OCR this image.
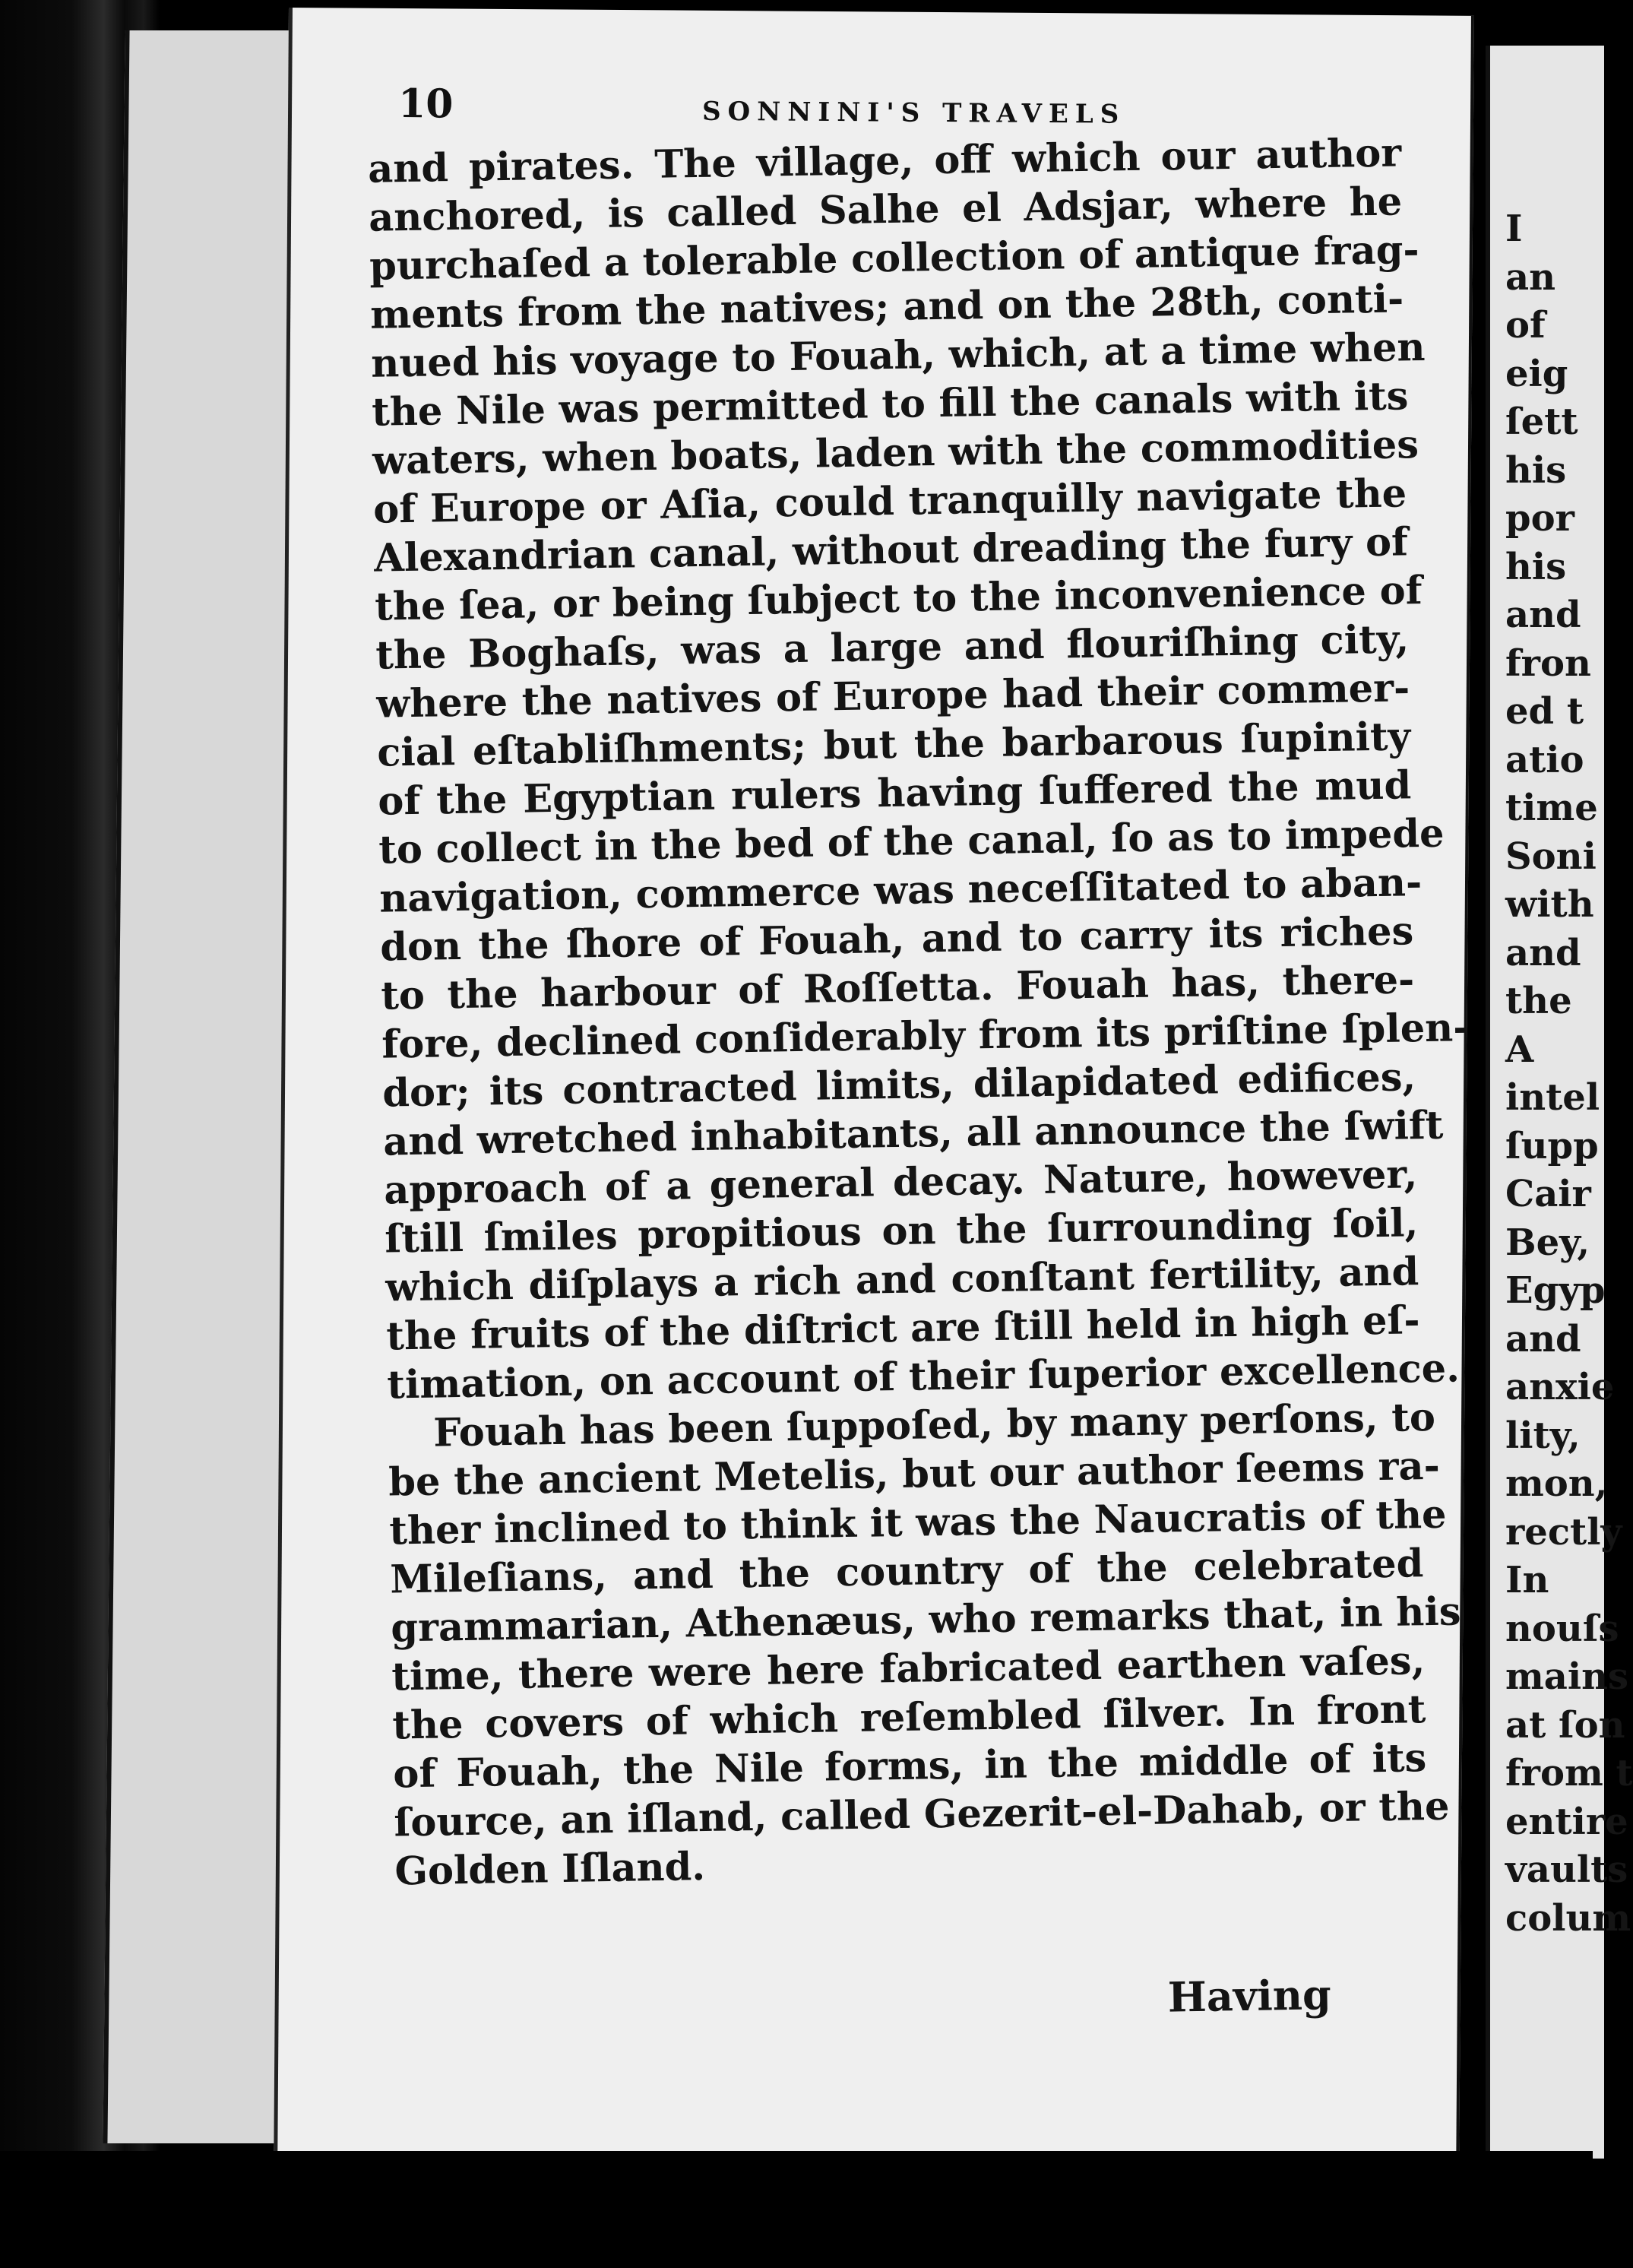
10	SONNINI'S TRAVELS
and pirates. The village, off which our author
anchored, is called Salhe el Adsjar, where he
purchaſed a tolerable collection of antique frag-
ments from the natives; and on the 28th, conti-
nued his voyage to Fouah, which, at a time when
the Nile was permitted to fill the canals with its
waters, when boats, laden with the commodities
of Europe or Aſia, could tranquilly navigate the
Alexandrian canal, without dreading the fury of
the ſea, or being ſubject to the inconvenience of
the Boghaſs, was a large and flouriſhing city,
where the natives of Europe had their commer-
cial eſtabliſhments; but the barbarous ſupinity
of the Egyptian rulers having ſuffered the mud
to collect in the bed of the canal, ſo as to impede
navigation, commerce was neceſſitated to aban-
don the ſhore of Fouah, and to carry its riches
to the harbour of Roſſetta. Fouah has, there-
fore, declined conſiderably from its priſtine ſplen-
dor; its contracted limits, dilapidated edifices,
and wretched inhabitants, all announce the ſwift
approach of a general decay. Nature, however,
ſtill ſmiles propitious on the ſurrounding ſoil,
which diſplays a rich and conſtant fertility, and
the fruits of the diſtrict are ſtill held in high eſ-
timation, on account of their ſuperior excellence.
Fouah has been ſuppoſed, by many perſons, to
be the ancient Metelis, but our author ſeems ra-
ther inclined to think it was the Naucratis of the
Mileſians, and the country of the celebrated
grammarian, Athenæus, who remarks that, in his
time, there were here fabricated earthen vaſes,
the covers of which reſembled ſilver. In front
of Fouah, the Nile forms, in the middle of its
ſource, an iſland, called Gezerit-el-Dahab, or the
Golden Iſland.
Having
I
an
of
eig
ſett
his
por
his
and
fron
ed t
atio
time
Soni
with
and
the
A
intel
ſupp
Cair
Bey,
Egyp
and
anxie
lity,
mon,
rectly
In
nouſs
mains
at ſon
from t
entire
vaults
colum
